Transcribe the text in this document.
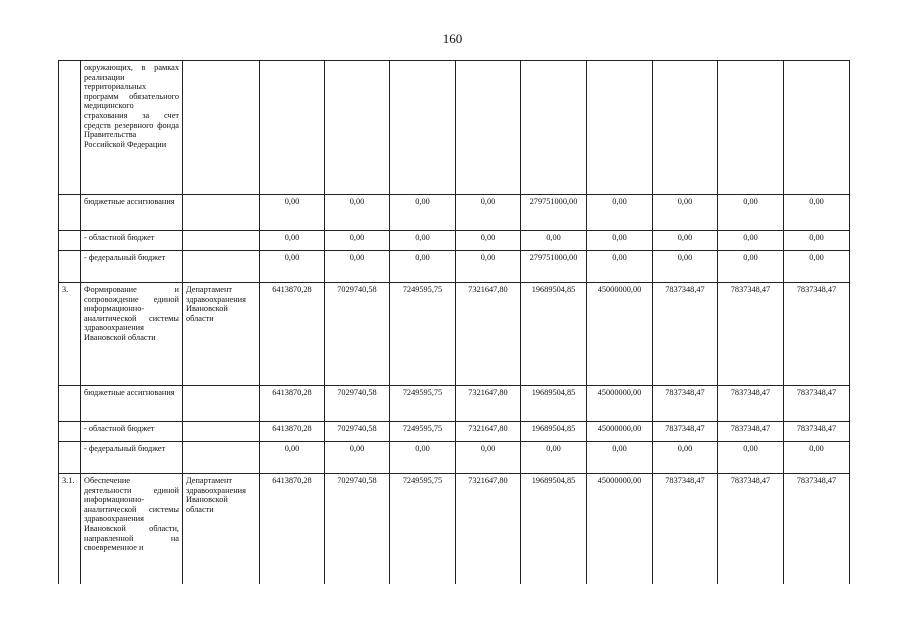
160
	окружающих, в рамках реализации территориальных программ обязательного медицинского страхования за счет средств резервного фонда Правительства Российской Федерации										
	бюджетные ассигнования		0,00	0,00	0,00	0,00	279751000,00	0,00	0,00	0,00	0,00
	- областной бюджет		0,00	0,00	0,00	0,00	0,00	0,00	0,00	0,00	0,00
	- федеральный бюджет		0,00	0,00	0,00	0,00	279751000,00	0,00	0,00	0,00	0,00
3.	Формирование и сопровождение единой информационно-аналитической системы здравоохранения Ивановской области	Департамент здравоохранения Ивановской области	6413870,28	7029740,58	7249595,75	7321647,80	19689504,85	45000000,00	7837348,47	7837348,47	7837348,47
	бюджетные ассигнования		6413870,28	7029740,58	7249595,75	7321647,80	19689504,85	45000000,00	7837348,47	7837348,47	7837348,47
	- областной бюджет		6413870,28	7029740,58	7249595,75	7321647,80	19689504,85	45000000,00	7837348,47	7837348,47	7837348,47
	- федеральный бюджет		0,00	0,00	0,00	0,00	0,00	0,00	0,00	0,00	0,00
3.1.	Обеспечение деятельности единой информационно-аналитической системы здравоохранения Ивановской области, направленной на своевременное и	Департамент здравоохранения Ивановской области	6413870,28	7029740,58	7249595,75	7321647,80	19689504,85	45000000,00	7837348,47	7837348,47	7837348,47
